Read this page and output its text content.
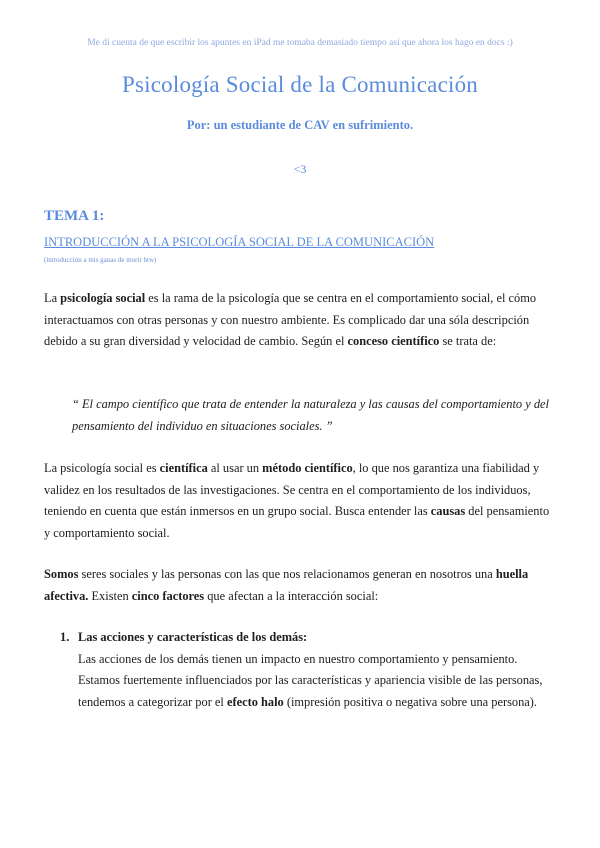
Me di cuenta de que escribir los apuntes en iPad me tomaba demasiado tiempo así que ahora los hago en docs :)
Psicología Social de la Comunicación
Por: un estudiante de CAV en sufrimiento.
<3
TEMA 1:
INTRODUCCIÓN A LA PSICOLOGÍA SOCIAL DE LA COMUNICACIÓN
(introducción a mis ganas de morir btw)
La psicología social es la rama de la psicología que se centra en el comportamiento social, el cómo interactuamos con otras personas y con nuestro ambiente. Es complicado dar una sóla descripción debido a su gran diversidad y velocidad de cambio. Según el conceso científico se trata de:
“ El campo científico que trata de entender la naturaleza y las causas del comportamiento y del pensamiento del individuo en situaciones sociales. ”
La psicología social es científica al usar un método científico, lo que nos garantiza una fiabilidad y validez en los resultados de las investigaciones. Se centra en el comportamiento de los individuos, teniendo en cuenta que están inmersos en un grupo social. Busca entender las causas del pensamiento y comportamiento social.
Somos seres sociales y las personas con las que nos relacionamos generan en nosotros una huella afectiva. Existen cinco factores que afectan a la interacción social:
1. Las acciones y características de los demás:
Las acciones de los demás tienen un impacto en nuestro comportamiento y pensamiento. Estamos fuertemente influenciados por las características y apariencia visible de las personas, tendemos a categorizar por el efecto halo (impresión positiva o negativa sobre una persona).
